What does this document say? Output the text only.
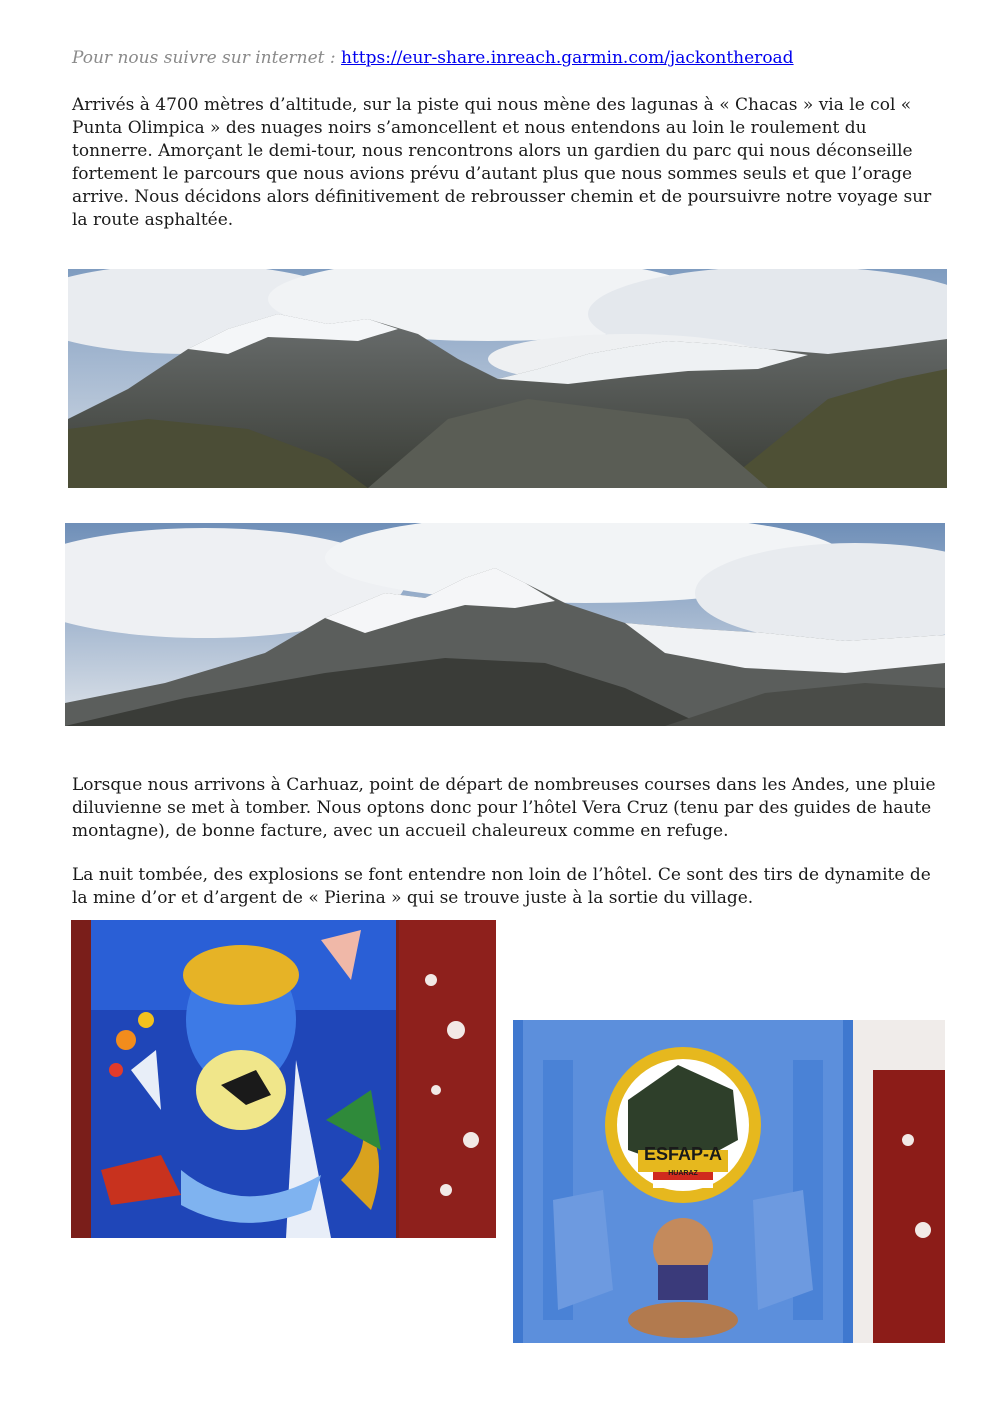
Pour nous suivre sur internet : https://eur-share.inreach.garmin.com/jackontheroad

Arrivés à 4700 mètres d’altitude, sur la piste qui nous mène des lagunas à « Chacas » via le col « Punta Olimpica » des nuages noirs s’amoncellent et nous entendons au loin le roulement du tonnerre. Amorçant le demi-tour, nous rencontrons alors un gardien du parc qui nous déconseille fortement le parcours que nous avions prévu d’autant plus que nous sommes seuls et que l’orage arrive. Nous décidons alors définitivement de rebrousser chemin et de poursuivre notre voyage sur la route asphaltée.

Lorsque nous arrivons à Carhuaz, point de départ de nombreuses courses dans les Andes, une pluie diluvienne se met à tomber. Nous optons donc pour l’hôtel Vera Cruz (tenu par des guides de haute montagne), de bonne facture, avec un accueil chaleureux comme en refuge.

La nuit tombée, des explosions se font entendre non loin de l’hôtel. Ce sont des tirs de dynamite de la mine d’or et d’argent de « Pierina » qui se trouve juste à la sortie du village.

ESFAP-A
HUARAZ
